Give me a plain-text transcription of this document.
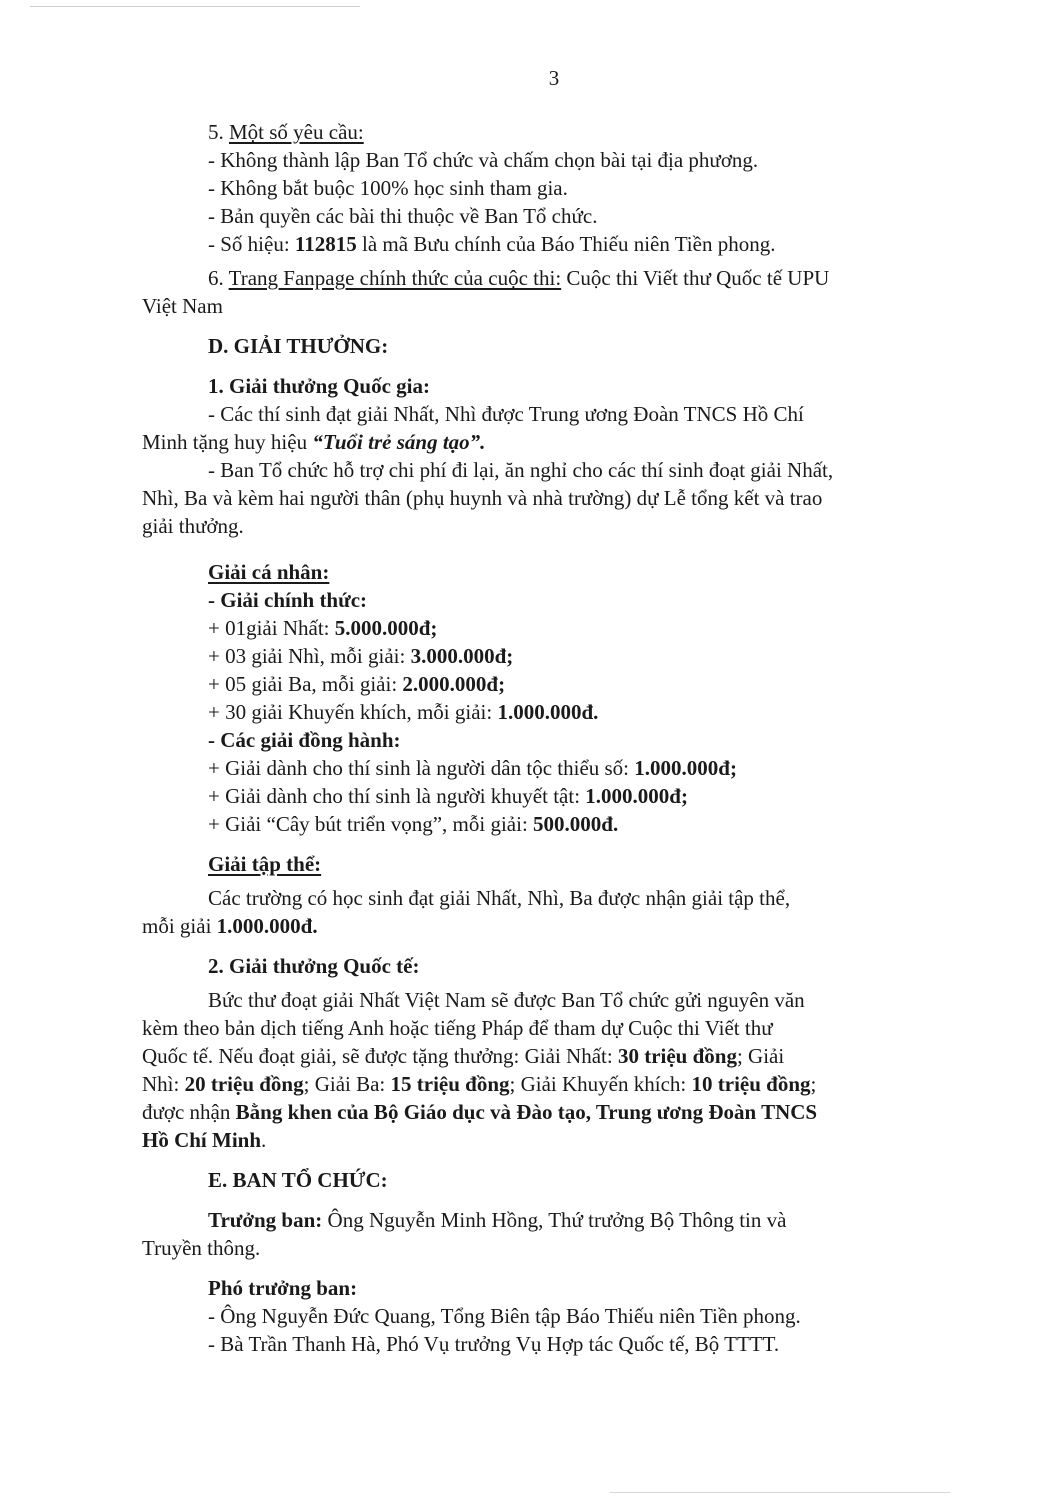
3

5. Một số yêu cầu:

- Không thành lập Ban Tổ chức và chấm chọn bài tại địa phương.

- Không bắt buộc 100% học sinh tham gia.

- Bản quyền các bài thi thuộc về Ban Tổ chức.

- Số hiệu: 112815 là mã Bưu chính của Báo Thiếu niên Tiền phong.

6. Trang Fanpage chính thức của cuộc thi: Cuộc thi Viết thư Quốc tế UPU

Việt Nam

D. GIẢI THƯỞNG:

1. Giải thưởng Quốc gia:

- Các thí sinh đạt giải Nhất, Nhì được Trung ương Đoàn TNCS Hồ Chí

Minh tặng huy hiệu “Tuổi trẻ sáng tạo”.

- Ban Tổ chức hỗ trợ chi phí đi lại, ăn nghỉ cho các thí sinh đoạt giải Nhất,

Nhì, Ba và kèm hai người thân (phụ huynh và nhà trường) dự Lễ tổng kết và trao

giải thưởng.

Giải cá nhân:

- Giải chính thức:

+ 01giải Nhất: 5.000.000đ;

+ 03 giải Nhì, mỗi giải: 3.000.000đ;

+ 05 giải Ba, mỗi giải: 2.000.000đ;

+ 30 giải Khuyến khích, mỗi giải: 1.000.000đ.

- Các giải đồng hành:

+ Giải dành cho thí sinh là người dân tộc thiểu số: 1.000.000đ;

+ Giải dành cho thí sinh là người khuyết tật: 1.000.000đ;

+ Giải “Cây bút triển vọng”, mỗi giải: 500.000đ.

Giải tập thể:

Các trường có học sinh đạt giải Nhất, Nhì, Ba được nhận giải tập thể,

mỗi giải 1.000.000đ.

2. Giải thưởng Quốc tế:

Bức thư đoạt giải Nhất Việt Nam sẽ được Ban Tổ chức gửi nguyên văn

kèm theo bản dịch tiếng Anh hoặc tiếng Pháp để tham dự Cuộc thi Viết thư

Quốc tế. Nếu đoạt giải, sẽ được tặng thưởng: Giải Nhất: 30 triệu đồng; Giải

Nhì: 20 triệu đồng; Giải Ba: 15 triệu đồng; Giải Khuyến khích: 10 triệu đồng;

được nhận Bằng khen của Bộ Giáo dục và Đào tạo, Trung ương Đoàn TNCS

Hồ Chí Minh.

E. BAN TỔ CHỨC:

Trưởng ban: Ông Nguyễn Minh Hồng, Thứ trưởng Bộ Thông tin và

Truyền thông.

Phó trưởng ban:

- Ông Nguyễn Đức Quang, Tổng Biên tập Báo Thiếu niên Tiền phong.

- Bà Trần Thanh Hà, Phó Vụ trưởng Vụ Hợp tác Quốc tế, Bộ TTTT.
